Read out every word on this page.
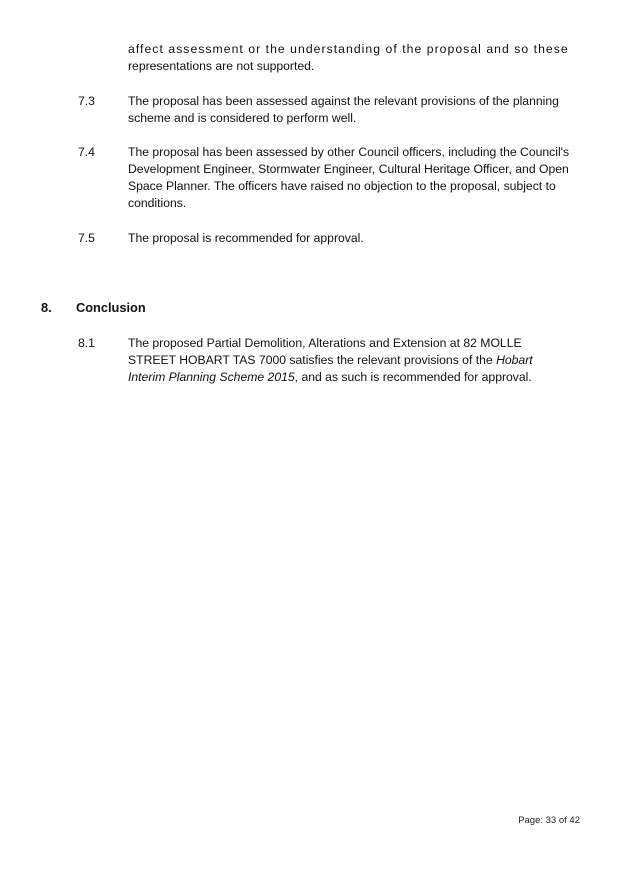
affect assessment or the understanding of the proposal and so these
representations are not supported.
7.3	The proposal has been assessed against the relevant provisions of the planning
scheme and is considered to perform well.
7.4	The proposal has been assessed by other Council officers, including the Council's
Development Engineer, Stormwater Engineer, Cultural Heritage Officer, and Open
Space Planner. The officers have raised no objection to the proposal, subject to
conditions.
7.5	The proposal is recommended for approval.
8. Conclusion
8.1	The proposed Partial Demolition, Alterations and Extension at 82 MOLLE
STREET HOBART TAS 7000 satisfies the relevant provisions of the Hobart
Interim Planning Scheme 2015, and as such is recommended for approval.
Page: 33 of 42
